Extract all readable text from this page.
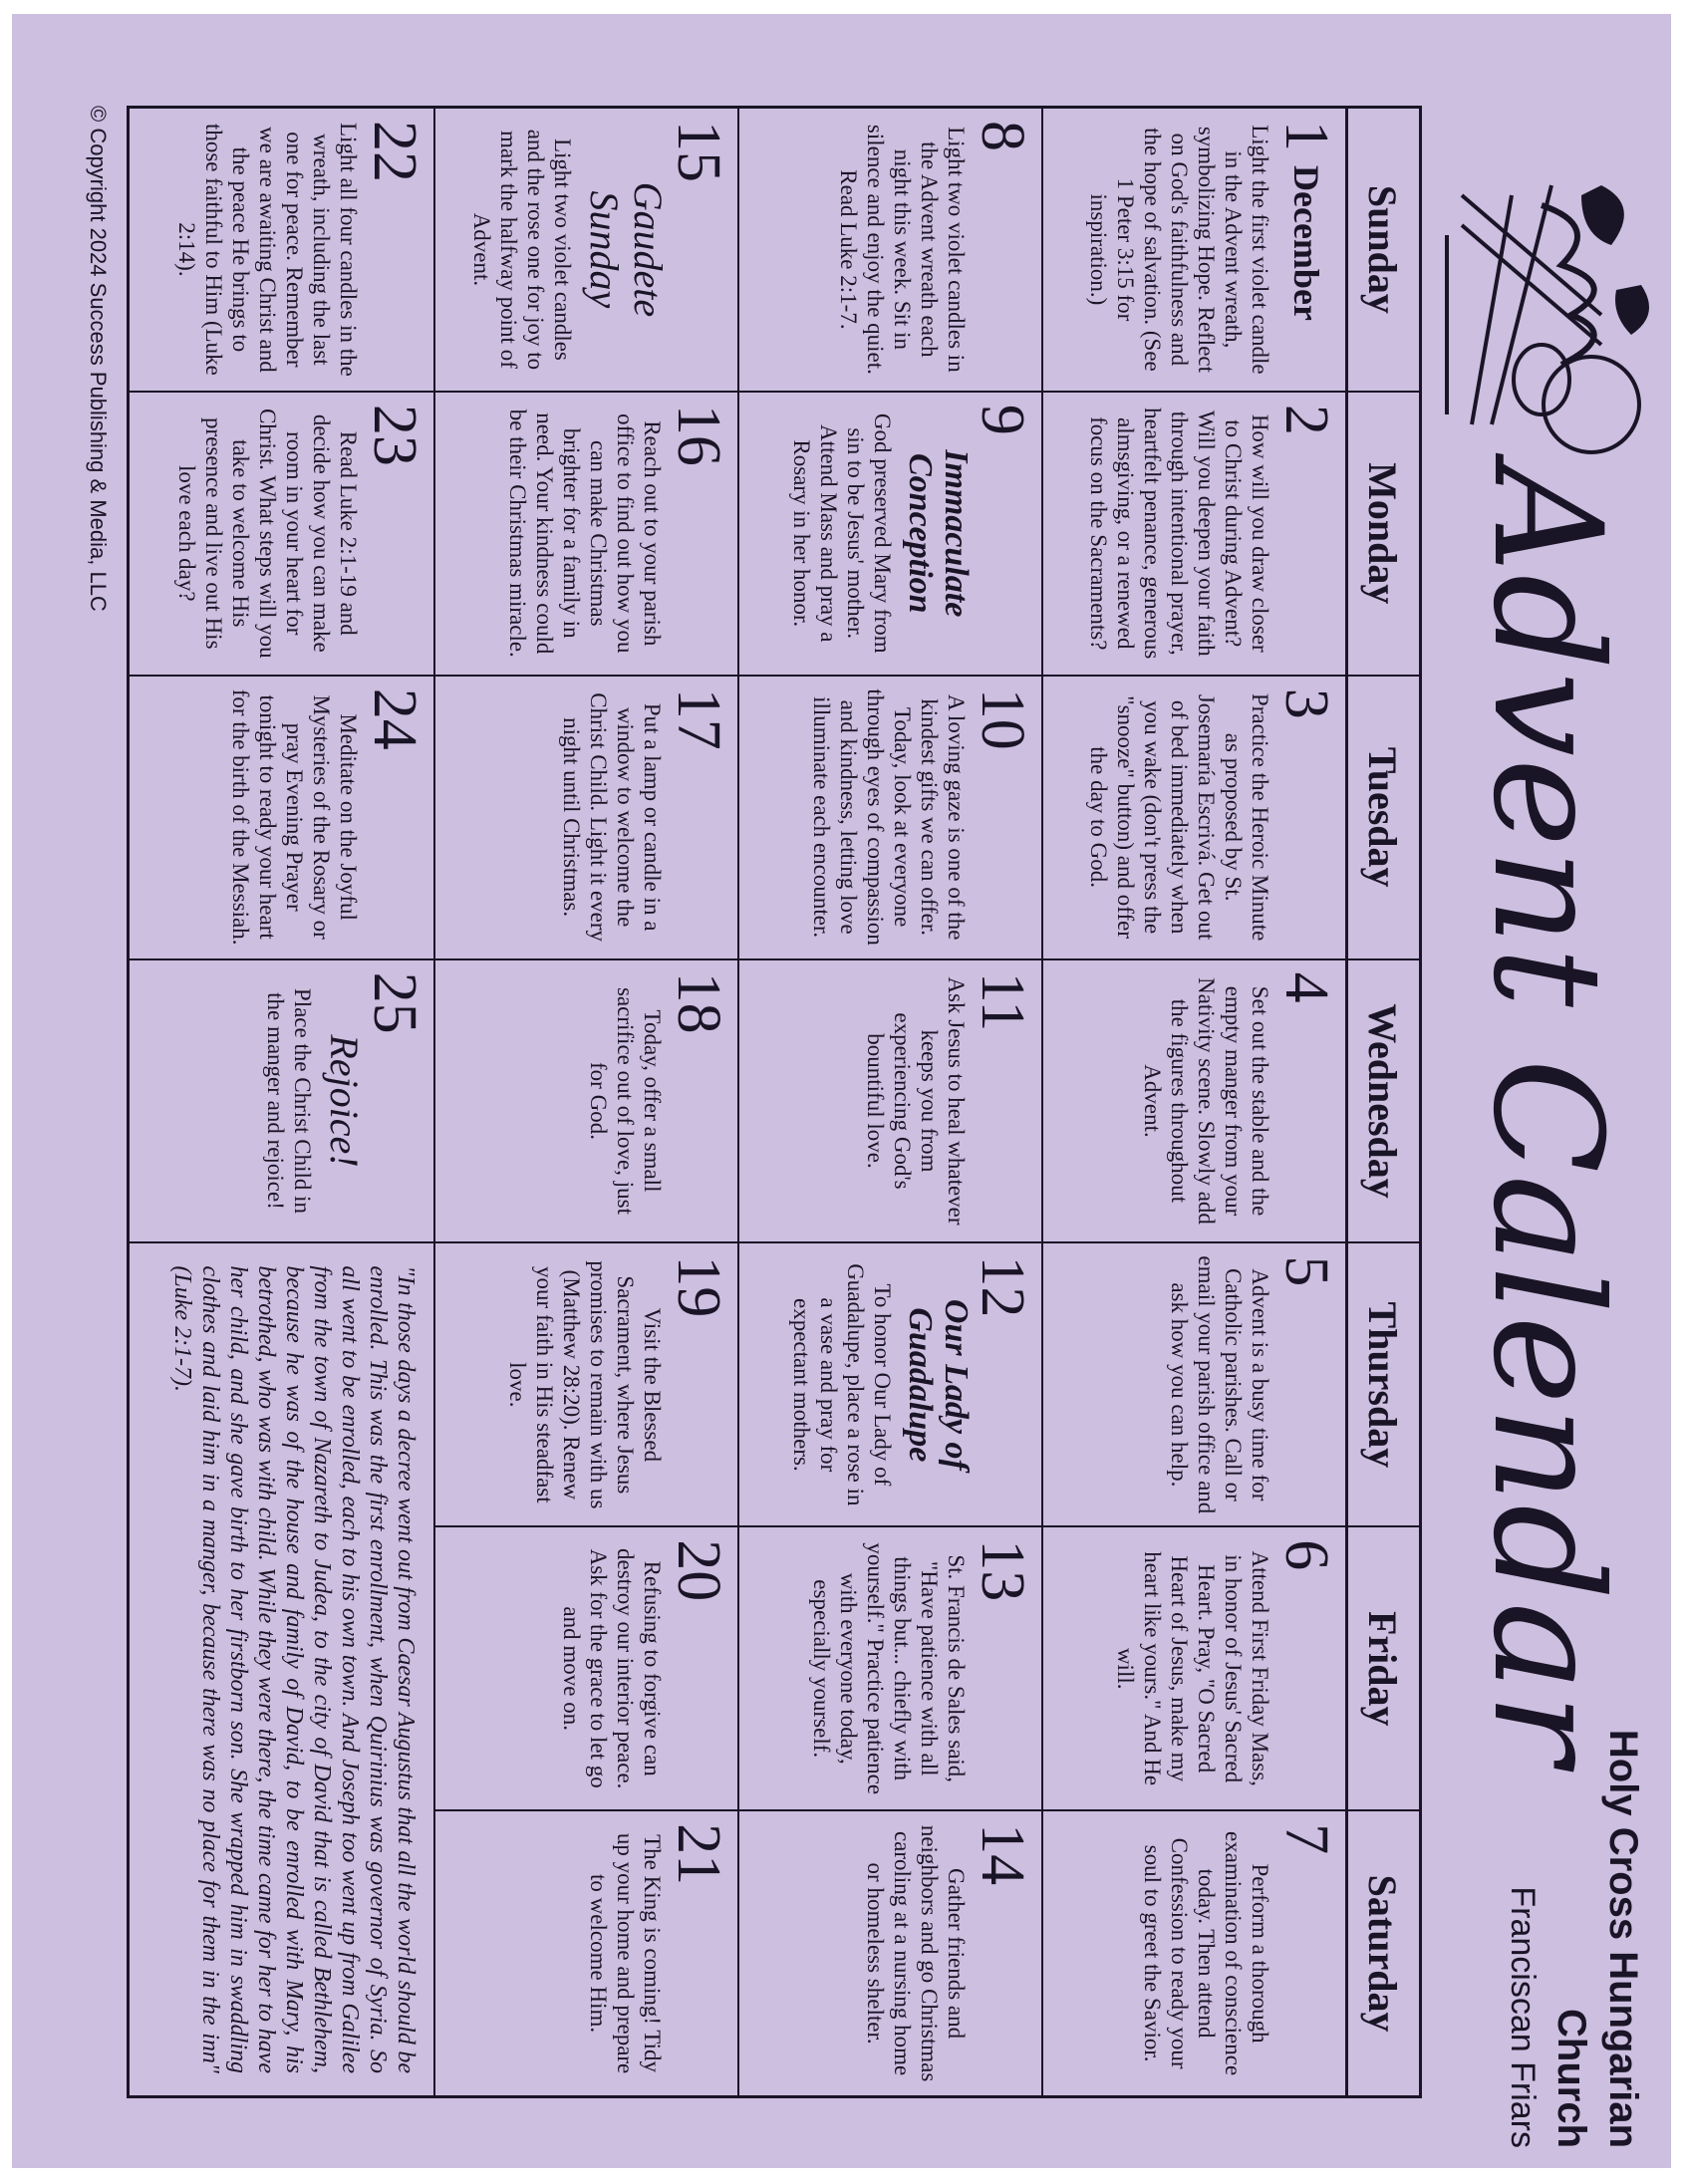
Advent Calendar
Holy Cross Hungarian Church
Franciscan Friars
Sunday
Monday
Tuesday
Wednesday
Thursday
Friday
Saturday
1December
Light the first violet candle in the Advent wreath, symbolizing Hope. Reflect on God's faithfulness and the hope of salvation. (See 1 Peter 3:15 for inspiration.)
2
How will you draw closer to Christ during Advent? Will you deepen your faith through intentional prayer, heartfelt penance, generous almsgiving, or a renewed focus on the Sacraments?
3
Practice the Heroic Minute as proposed by St. Josemaría Escrivá. Get out of bed immediately when you wake (don't press the "snooze" button) and offer the day to God.
4
Set out the stable and the empty manger from your Nativity scene. Slowly add the figures throughout Advent.
5
Advent is a busy time for Catholic parishes. Call or email your parish office and ask how you can help.
6
Attend First Friday Mass, in honor of Jesus' Sacred Heart. Pray, "O Sacred Heart of Jesus, make my heart like yours." And He will.
7
Perform a thorough examination of conscience today. Then attend Confession to ready your soul to greet the Savior.
8
Light two violet candles in the Advent wreath each night this week. Sit in silence and enjoy the quiet. Read Luke 2:1-7.
9
Immaculate Conception
God preserved Mary from sin to be Jesus' mother. Attend Mass and pray a Rosary in her honor.
10
A loving gaze is one of the kindest gifts we can offer. Today, look at everyone through eyes of compassion and kindness, letting love illuminate each encounter.
11
Ask Jesus to heal whatever keeps you from experiencing God's bountiful love.
12
Our Lady of Guadalupe
To honor Our Lady of Guadalupe, place a rose in a vase and pray for expectant mothers.
13
St. Francis de Sales said, "Have patience with all things but... chiefly with yourself." Practice patience with everyone today, especially yourself.
14
Gather friends and neighbors and go Christmas caroling at a nursing home or homeless shelter.
15
Gaudete Sunday
Light two violet candles and the rose one for joy to mark the halfway point of Advent.
16
Reach out to your parish office to find out how you can make Christmas brighter for a family in need. Your kindness could be their Christmas miracle.
17
Put a lamp or candle in a window to welcome the Christ Child. Light it every night until Christmas.
18
Today, offer a small sacrifice out of love, just for God.
19
Visit the Blessed Sacrament, where Jesus promises to remain with us (Matthew 28:20). Renew your faith in His steadfast love.
20
Refusing to forgive can destroy our interior peace. Ask for the grace to let go and move on.
21
The King is coming! Tidy up your home and prepare to welcome Him.
22
Light all four candles in the wreath, including the last one for peace. Remember we are awaiting Christ and the peace He brings to those faithful to Him (Luke 2:14).
23
Read Luke 2:1-19 and decide how you can make room in your heart for Christ. What steps will you take to welcome His presence and live out His love each day?
24
Meditate on the Joyful Mysteries of the Rosary or pray Evening Prayer tonight to ready your heart for the birth of the Messiah.
25
Rejoice!
Place the Christ Child in the manger and rejoice!
"In those days a decree went out from Caesar Augustus that all the world should be enrolled. This was the first enrollment, when Quirinius was governor of Syria. So all went to be enrolled, each to his own town. And Joseph too went up from Galilee from the town of Nazareth to Judea, to the city of David that is called Bethlehem, because he was of the house and family of David, to be enrolled with Mary, his betrothed, who was with child. While they were there, the time came for her to have her child, and she gave birth to her firstborn son. She wrapped him in swaddling clothes and laid him in a manger, because there was no place for them in the inn" (Luke 2:1-7).
© Copyright 2024 Success Publishing & Media, LLC
